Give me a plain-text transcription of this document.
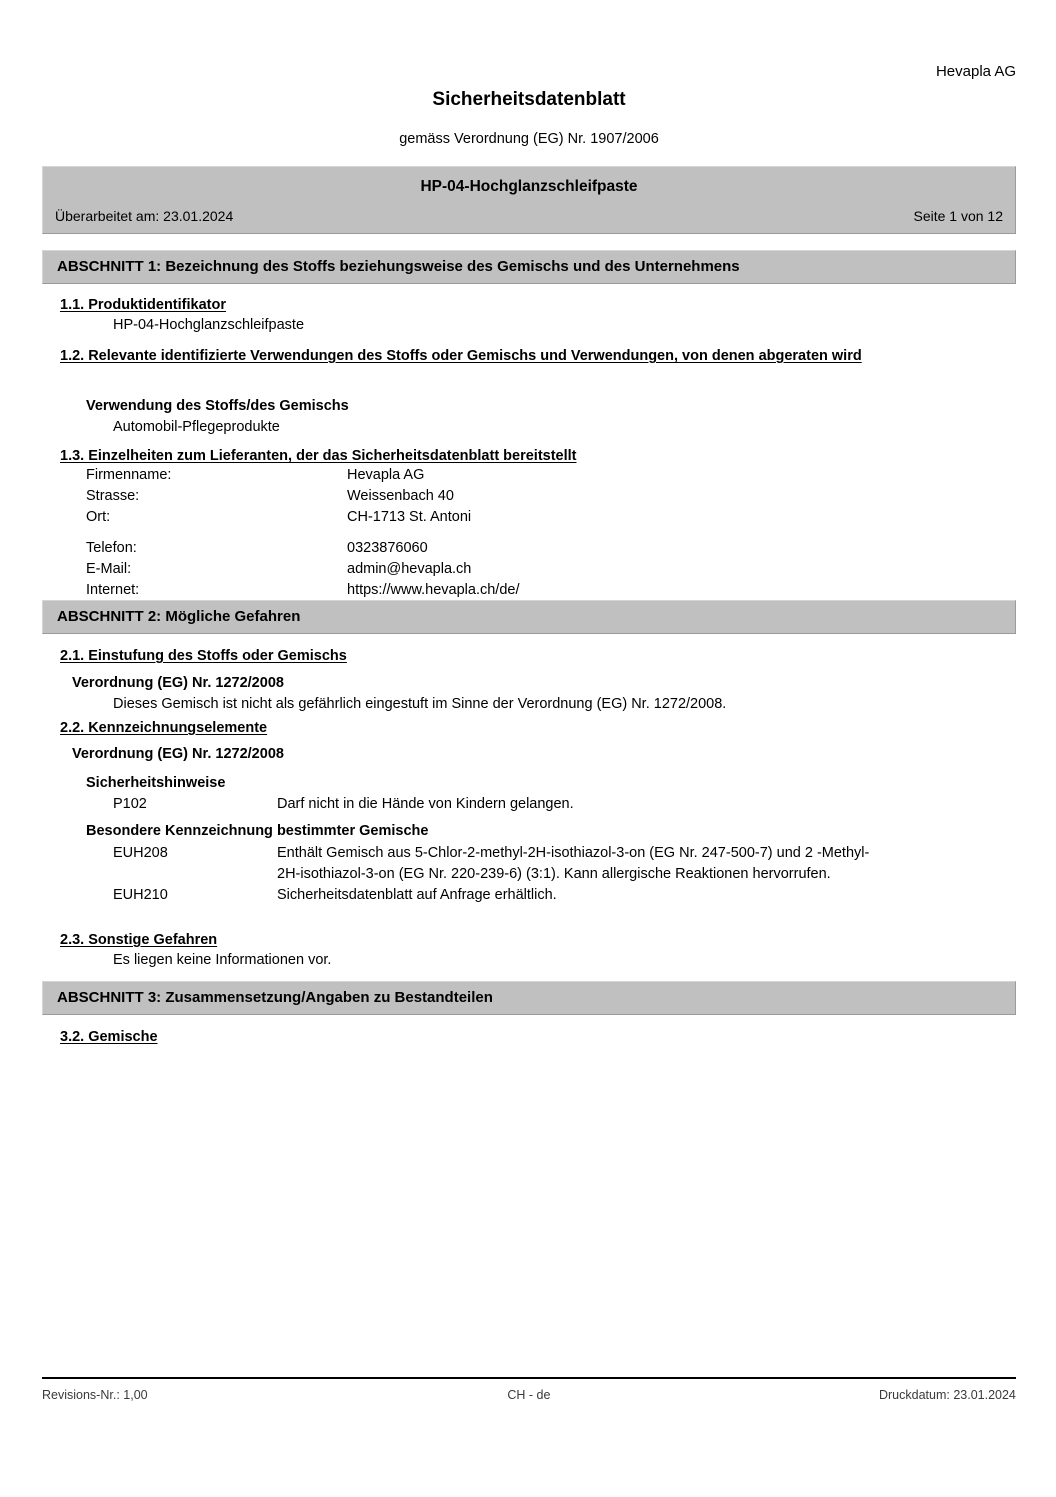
Hevapla AG
Sicherheitsdatenblatt
gemäss Verordnung (EG) Nr. 1907/2006
HP-04-Hochglanzschleifpaste
Überarbeitet am: 23.01.2024	Seite 1 von 12
ABSCHNITT 1: Bezeichnung des Stoffs beziehungsweise des Gemischs und des Unternehmens
1.1. Produktidentifikator
HP-04-Hochglanzschleifpaste
1.2. Relevante identifizierte Verwendungen des Stoffs oder Gemischs und Verwendungen, von denen abgeraten wird
Verwendung des Stoffs/des Gemischs
Automobil-Pflegeprodukte
1.3. Einzelheiten zum Lieferanten, der das Sicherheitsdatenblatt bereitstellt
Firmenname:	Hevapla AG
Strasse:	Weissenbach 40
Ort:	CH-1713 St. Antoni
Telefon:	0323876060
E-Mail:	admin@hevapla.ch
Internet:	https://www.hevapla.ch/de/
ABSCHNITT 2: Mögliche Gefahren
2.1. Einstufung des Stoffs oder Gemischs
Verordnung (EG) Nr. 1272/2008
Dieses Gemisch ist nicht als gefährlich eingestuft im Sinne der Verordnung (EG) Nr. 1272/2008.
2.2. Kennzeichnungselemente
Verordnung (EG) Nr. 1272/2008
Sicherheitshinweise
P102	Darf nicht in die Hände von Kindern gelangen.
Besondere Kennzeichnung bestimmter Gemische
EUH208	Enthält Gemisch aus 5-Chlor-2-methyl-2H-isothiazol-3-on (EG Nr. 247-500-7) und 2 -Methyl-2H-isothiazol-3-on (EG Nr. 220-239-6) (3:1). Kann allergische Reaktionen hervorrufen.
EUH210	Sicherheitsdatenblatt auf Anfrage erhältlich.
2.3. Sonstige Gefahren
Es liegen keine Informationen vor.
ABSCHNITT 3: Zusammensetzung/Angaben zu Bestandteilen
3.2. Gemische
Revisions-Nr.: 1,00	CH - de	Druckdatum: 23.01.2024
